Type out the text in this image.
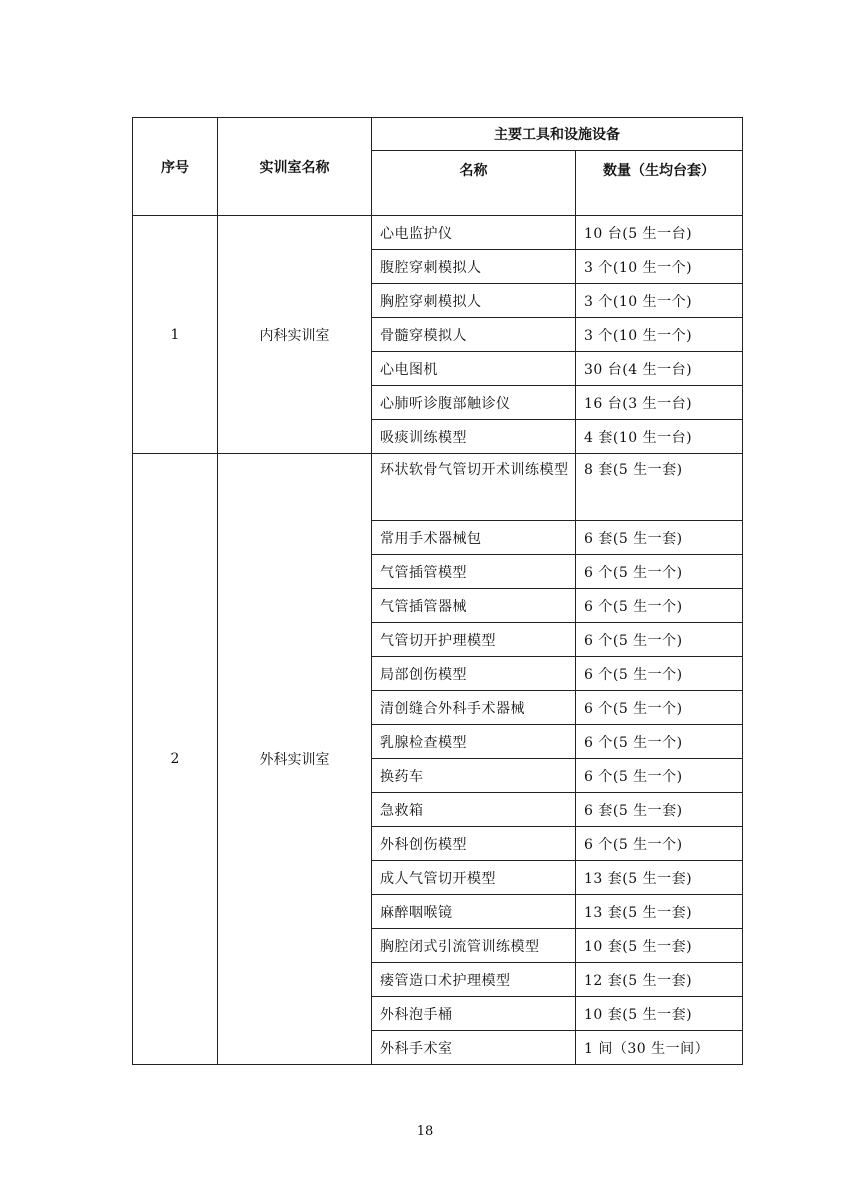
序号	实训室名称	主要工具和设施设备	
		名称	数量（生均台套）
1	内科实训室	心电监护仪	10 台(5 生一台)
		腹腔穿刺模拟人	3 个(10 生一个)
		胸腔穿刺模拟人	3 个(10 生一个)
		骨髓穿模拟人	3 个(10 生一个)
		心电图机	30 台(4 生一台)
		心肺听诊腹部触诊仪	16 台(3 生一台)
		吸痰训练模型	4 套(10 生一台)
2	外科实训室	环状软骨气管切开术训练模型	8 套(5 生一套)
		常用手术器械包	6 套(5 生一套)
		气管插管模型	6 个(5 生一个)
		气管插管器械	6 个(5 生一个)
		气管切开护理模型	6 个(5 生一个)
		局部创伤模型	6 个(5 生一个)
		清创缝合外科手术器械	6 个(5 生一个)
		乳腺检查模型	6 个(5 生一个)
		换药车	6 个(5 生一个)
		急救箱	6 套(5 生一套)
		外科创伤模型	6 个(5 生一个)
		成人气管切开模型	13 套(5 生一套)
		麻醉咽喉镜	13 套(5 生一套)
		胸腔闭式引流管训练模型	10 套(5 生一套)
		瘘管造口术护理模型	12 套(5 生一套)
		外科泡手桶	10 套(5 生一套)
		外科手术室	1 间（30 生一间）
18
